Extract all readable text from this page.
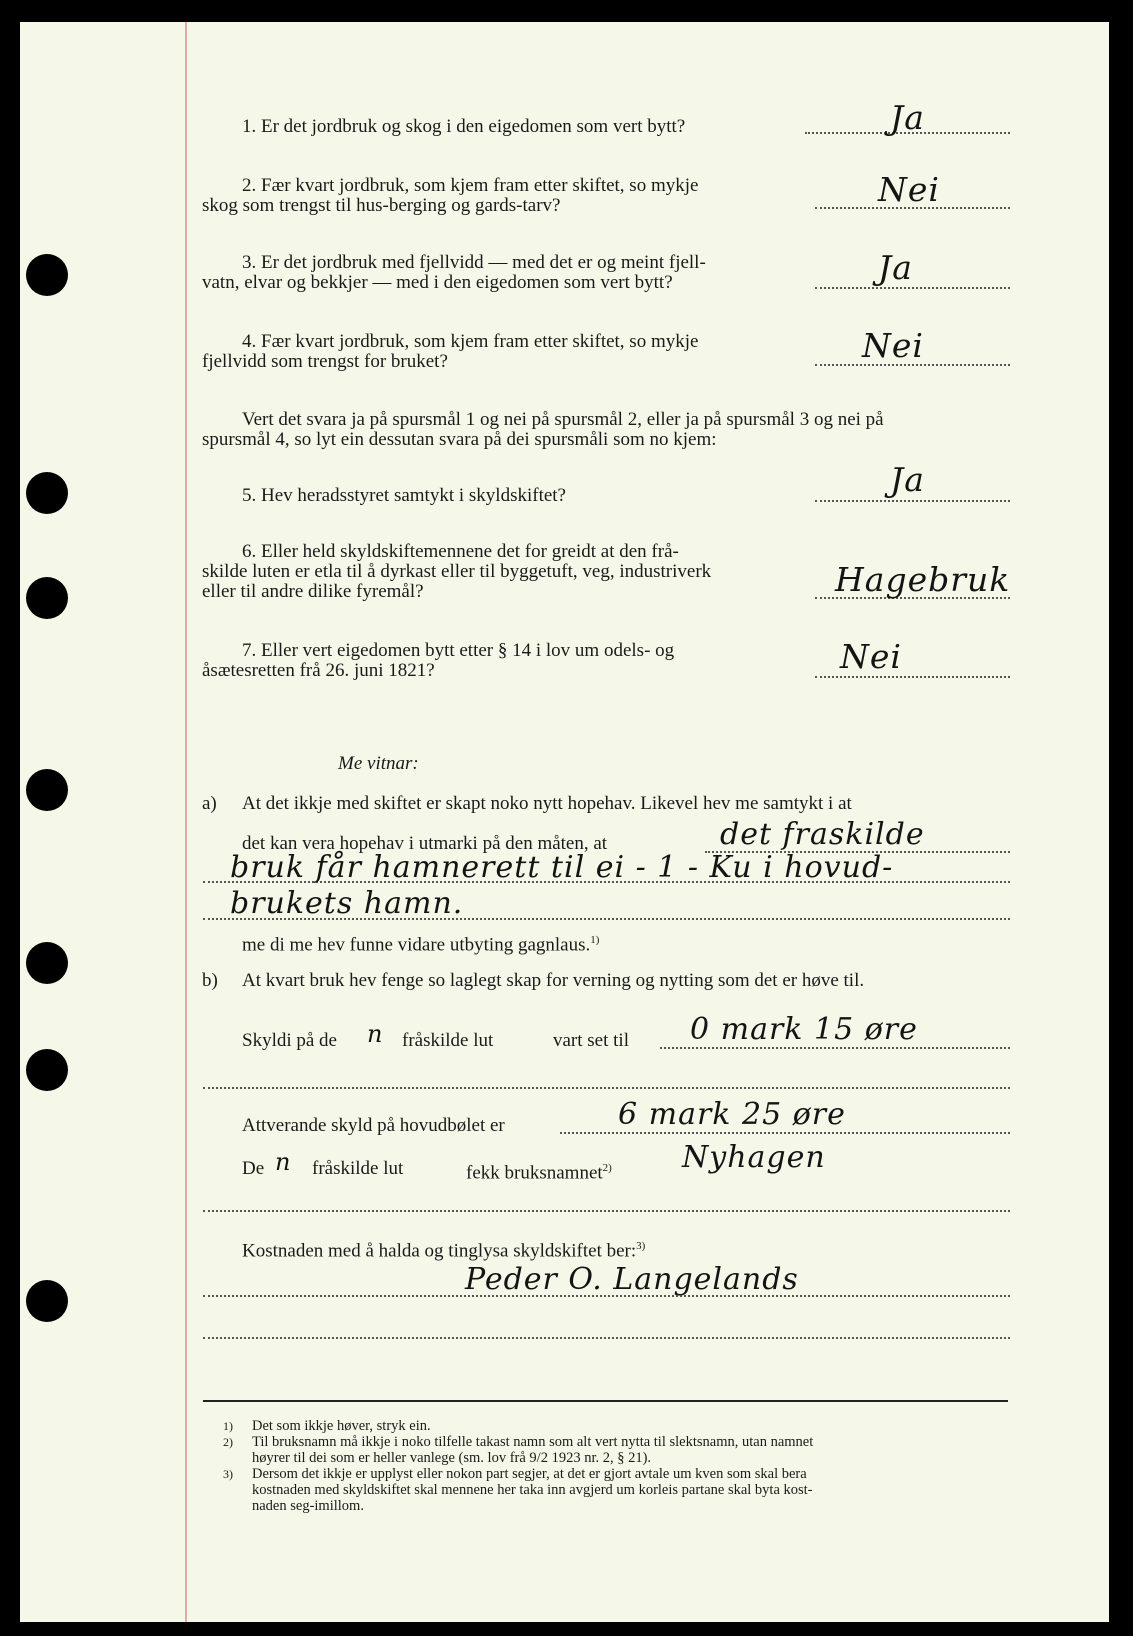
1. Er det jordbruk og skog i den eigedomen som vert bytt?	Ja
2. Fær kvart jordbruk, som kjem fram etter skiftet, so mykje
skog som trengst til hus-berging og gards-tarv?	Nei
3. Er det jordbruk med fjellvidd — med det er og meint fjell-
vatn, elvar og bekkjer — med i den eigedomen som vert bytt?	Ja
4. Fær kvart jordbruk, som kjem fram etter skiftet, so mykje
fjellvidd som trengst for bruket?	Nei
Vert det svara ja på spursmål 1 og nei på spursmål 2, eller ja på spursmål 3 og nei på
spursmål 4, so lyt ein dessutan svara på dei spursmåli som no kjem:
5. Hev heradsstyret samtykt i skyldskiftet?	Ja
6. Eller held skyldskiftemennene det for greidt at den frå-
skilde luten er etla til å dyrkast eller til byggetuft, veg, industriverk
eller til andre dilike fyremål?	Hagebruk
7. Eller vert eigedomen bytt etter § 14 i lov um odels- og
åsætesretten frå 26. juni 1821?	Nei
Me vitnar:
a) At det ikkje med skiftet er skapt noko nytt hopehav. Likevel hev me samtykt i at
det kan vera hopehav i utmarki på den måten, at	det fraskilde
bruk får hamnerett til ei - 1 - Ku i hovud-
brukets hamn.
me di me hev funne vidare utbyting gagnlaus.$^{1)}$
b) At kvart bruk hev fenge so laglegt skap for verning og nytting som det er høve til.
Skyldi på de n fråskilde lut	vart set til 0 mark 15 øre
Attverande skyld på hovudbølet er	6 mark 25 øre
De n fråskilde lut	fekk bruksnamnet$^{2)}$ Nyhagen
Kostnaden med å halda og tinglysa skyldskiftet ber:$^{3)}$
Peder O. Langelands
1) Det som ikkje høver, stryk ein.
2) Til bruksnamn må ikkje i noko tilfelle takast namn som alt vert nytta til slektsnamn, utan namnet
høyrer til dei som er heller vanlege (sm. lov frå 9/2 1923 nr. 2, § 21).
3) Dersom det ikkje er upplyst eller nokon part segjer, at det er gjort avtale um kven som skal bera
kostnaden med skyldskiftet skal mennene her taka inn avgjerd um korleis partane skal byta kost-
naden seg-imillom.
